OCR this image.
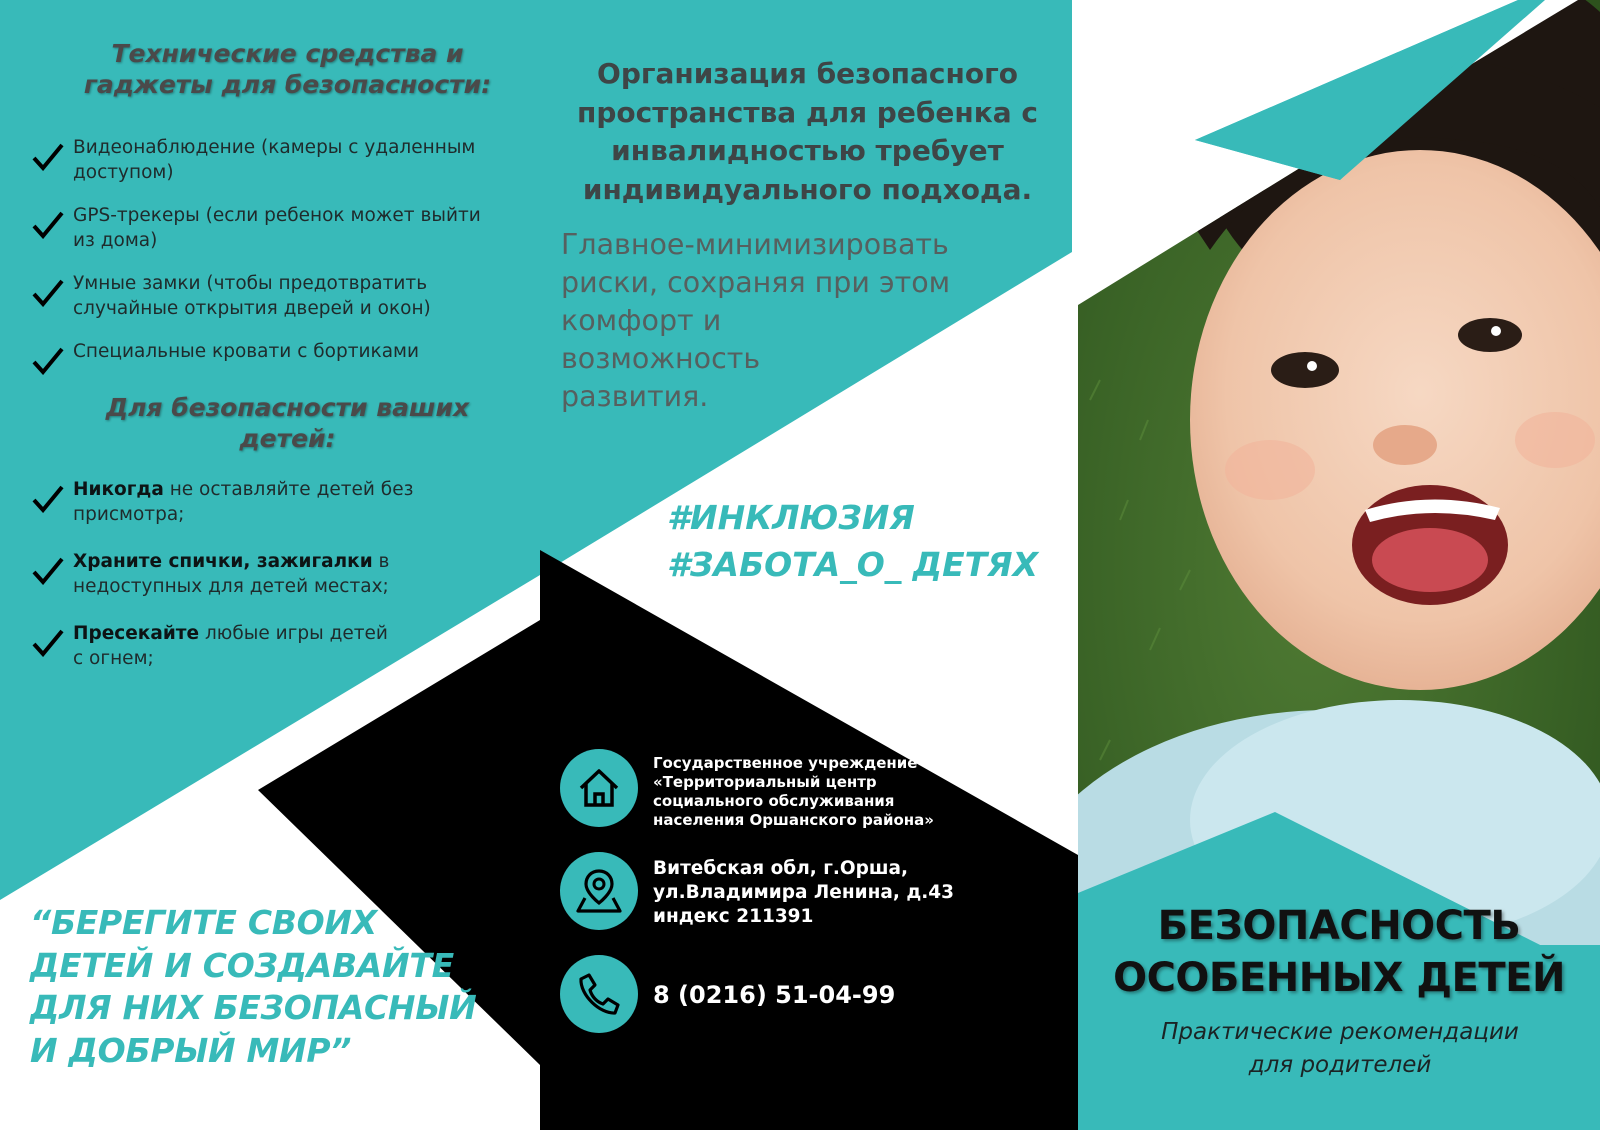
Технические средства и
гаджеты для безопасности:
Видеонаблюдение (камеры с удаленным
доступом)
GPS-трекеры (если ребенок может выйти
из дома)
Умные замки (чтобы предотвратить
случайные открытия дверей и окон)
Специальные кровати с бортиками
Для безопасности ваших
детей:
Никогда не оставляйте детей без
присмотра;
Храните спички, зажигалки в
недоступных для детей местах;
Пресекайте любые игры детей
с огнем;
“БЕРЕГИТЕ СВОИХ
ДЕТЕЙ И СОЗДАВАЙТЕ
ДЛЯ НИХ БЕЗОПАСНЫЙ
И ДОБРЫЙ МИР”
Организация безопасного
пространства для ребенка с
инвалидностью требует
индивидуального подхода.
Главное-минимизировать
риски, сохраняя при этом
комфорт и
возможность
развития.
#ИНКЛЮЗИЯ
#ЗАБОТА_О_ ДЕТЯХ
Государственное учреждение
«Территориальный центр
социального обслуживания
населения Оршанского района»
Витебская обл, г.Орша,
ул.Владимира Ленина, д.43
индекс 211391
8 (0216) 51-04-99
БЕЗОПАСНОСТЬ
ОСОБЕННЫХ ДЕТЕЙ
Практические рекомендации
для родителей
